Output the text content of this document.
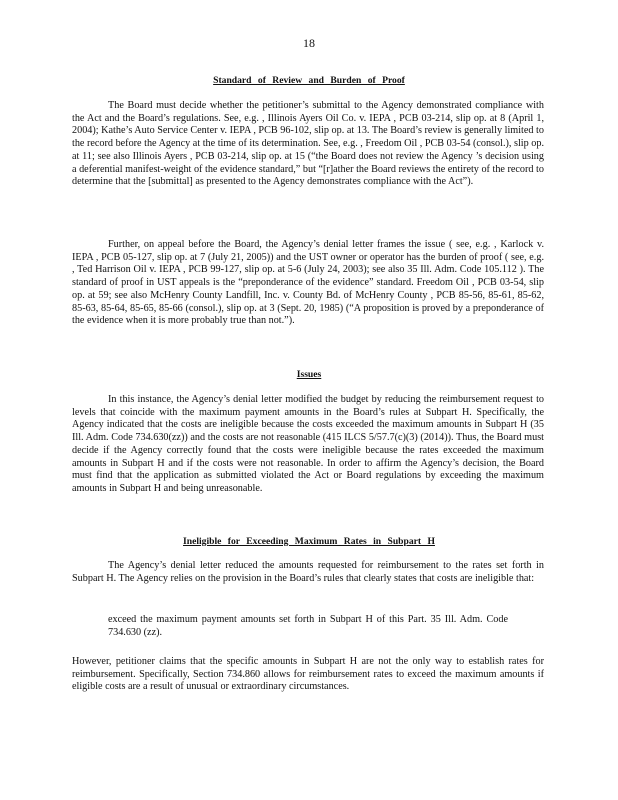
18
Standard of Review and Burden of Proof

The Board must decide whether the petitioner’s submittal to the Agency demonstrated compliance with the Act and the Board’s regulations. See, e.g. , Illinois Ayers Oil Co. v. IEPA , PCB 03-214, slip op. at 8 (April 1, 2004); Kathe’s Auto Service Center v. IEPA , PCB 96-102, slip op. at 13. The Board’s review is generally limited to the record before the Agency at the time of its determination. See, e.g. , Freedom Oil , PCB 03-54 (consol.), slip op. at 11; see also Illinois Ayers , PCB 03-214, slip op. at 15 (“the Board does not review the Agency ’s decision using a deferential manifest-weight of the evidence standard,” but “[r]ather the Board reviews the entirety of the record to determine that the [submittal] as presented to the Agency demonstrates compliance with the Act”).

Further, on appeal before the Board, the Agency’s denial letter frames the issue ( see, e.g. , Karlock v. IEPA , PCB 05-127, slip op. at 7 (July 21, 2005)) and the UST owner or operator has the burden of proof ( see, e.g. , Ted Harrison Oil v. IEPA , PCB 99-127, slip op. at 5-6 (July 24, 2003); see also 35 Ill. Adm. Code 105.112 ). The standard of proof in UST appeals is the “preponderance of the evidence” standard. Freedom Oil , PCB 03-54, slip op. at 59; see also McHenry County Landfill, Inc. v. County Bd. of McHenry County , PCB 85-56, 85-61, 85-62, 85-63, 85-64, 85-65, 85-66 (consol.), slip op. at 3 (Sept. 20, 1985) (“A proposition is proved by a preponderance of the evidence when it is more probably true than not.”).

Issues

In this instance, the Agency’s denial letter modified the budget by reducing the reimbursement request to levels that coincide with the maximum payment amounts in the Board’s rules at Subpart H. Specifically, the Agency indicated that the costs are ineligible because the costs exceeded the maximum amounts in Subpart H (35 Ill. Adm. Code 734.630(zz)) and the costs are not reasonable (415 ILCS 5/57.7(c)(3) (2014)). Thus, the Board must decide if the Agency correctly found that the costs were ineligible because the rates exceeded the maximum amounts in Subpart H and if the costs were not reasonable. In order to affirm the Agency’s decision, the Board must find that the application as submitted violated the Act or Board regulations by exceeding the maximum amounts in Subpart H and being unreasonable.

Ineligible for Exceeding Maximum Rates in Subpart H

The Agency’s denial letter reduced the amounts requested for reimbursement to the rates set forth in Subpart H. The Agency relies on the provision in the Board’s rules that clearly states that costs are ineligible that:

exceed the maximum payment amounts set forth in Subpart H of this Part. 35 Ill. Adm. Code 734.630 (zz).

However, petitioner claims that the specific amounts in Subpart H are not the only way to establish rates for reimbursement. Specifically, Section 734.860 allows for reimbursement rates to exceed the maximum amounts if eligible costs are a result of unusual or extraordinary circumstances.
